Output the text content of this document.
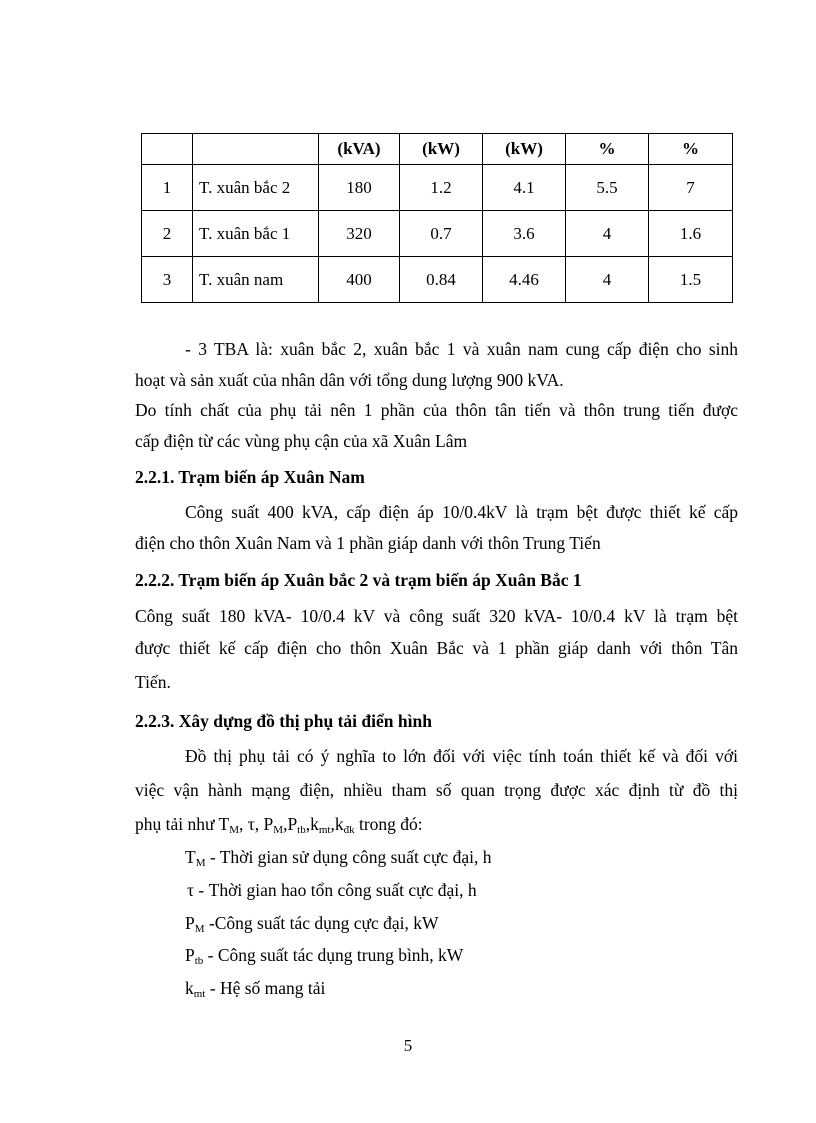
		(kVA)	(kW)	(kW)	%	%
1	T. xuân bắc 2	180	1.2	4.1	5.5	7
2	T. xuân bắc 1	320	0.7	3.6	4	1.6
3	T. xuân nam	400	0.84	4.46	4	1.5
- 3 TBA là: xuân bắc 2, xuân bắc 1 và xuân nam cung cấp điện cho sinh
hoạt và sản xuất của nhân dân với tổng dung lượng 900 kVA.
Do tính chất của phụ tải nên 1 phần của thôn tân tiến và thôn trung tiến được
cấp điện từ các vùng phụ cận của xã Xuân Lâm
2.2.1. Trạm biến áp Xuân Nam
Công suất 400 kVA, cấp điện áp 10/0.4kV là trạm bệt được thiết kế cấp
điện cho thôn Xuân Nam và 1 phần giáp danh với thôn Trung Tiến
2.2.2. Trạm biến áp Xuân bắc 2 và trạm biến áp Xuân Bắc 1
Công suất 180 kVA- 10/0.4 kV và công suất 320 kVA- 10/0.4 kV là trạm bệt
được thiết kế cấp điện cho thôn Xuân Bắc và 1 phần giáp danh với thôn Tân
Tiến.
2.2.3. Xây dựng đồ thị phụ tải điển hình
Đồ thị phụ tải có ý nghĩa to lớn đối với việc tính toán thiết kế và đối với
việc vận hành mạng điện, nhiều tham số quan trọng được xác định từ đồ thị
phụ tải như $T_M$, τ, $P_M,P_{tb},k_{mt},k_{đk}$ trong đó:
$T_M$ - Thời gian sử dụng công suất cực đại, h
τ - Thời gian hao tổn công suất cực đại, h
$P_M$ -Công suất tác dụng cực đại, kW
$P_{tb}$ - Công suất tác dụng trung bình, kW
$k_{mt}$ - Hệ số mang tải
5
